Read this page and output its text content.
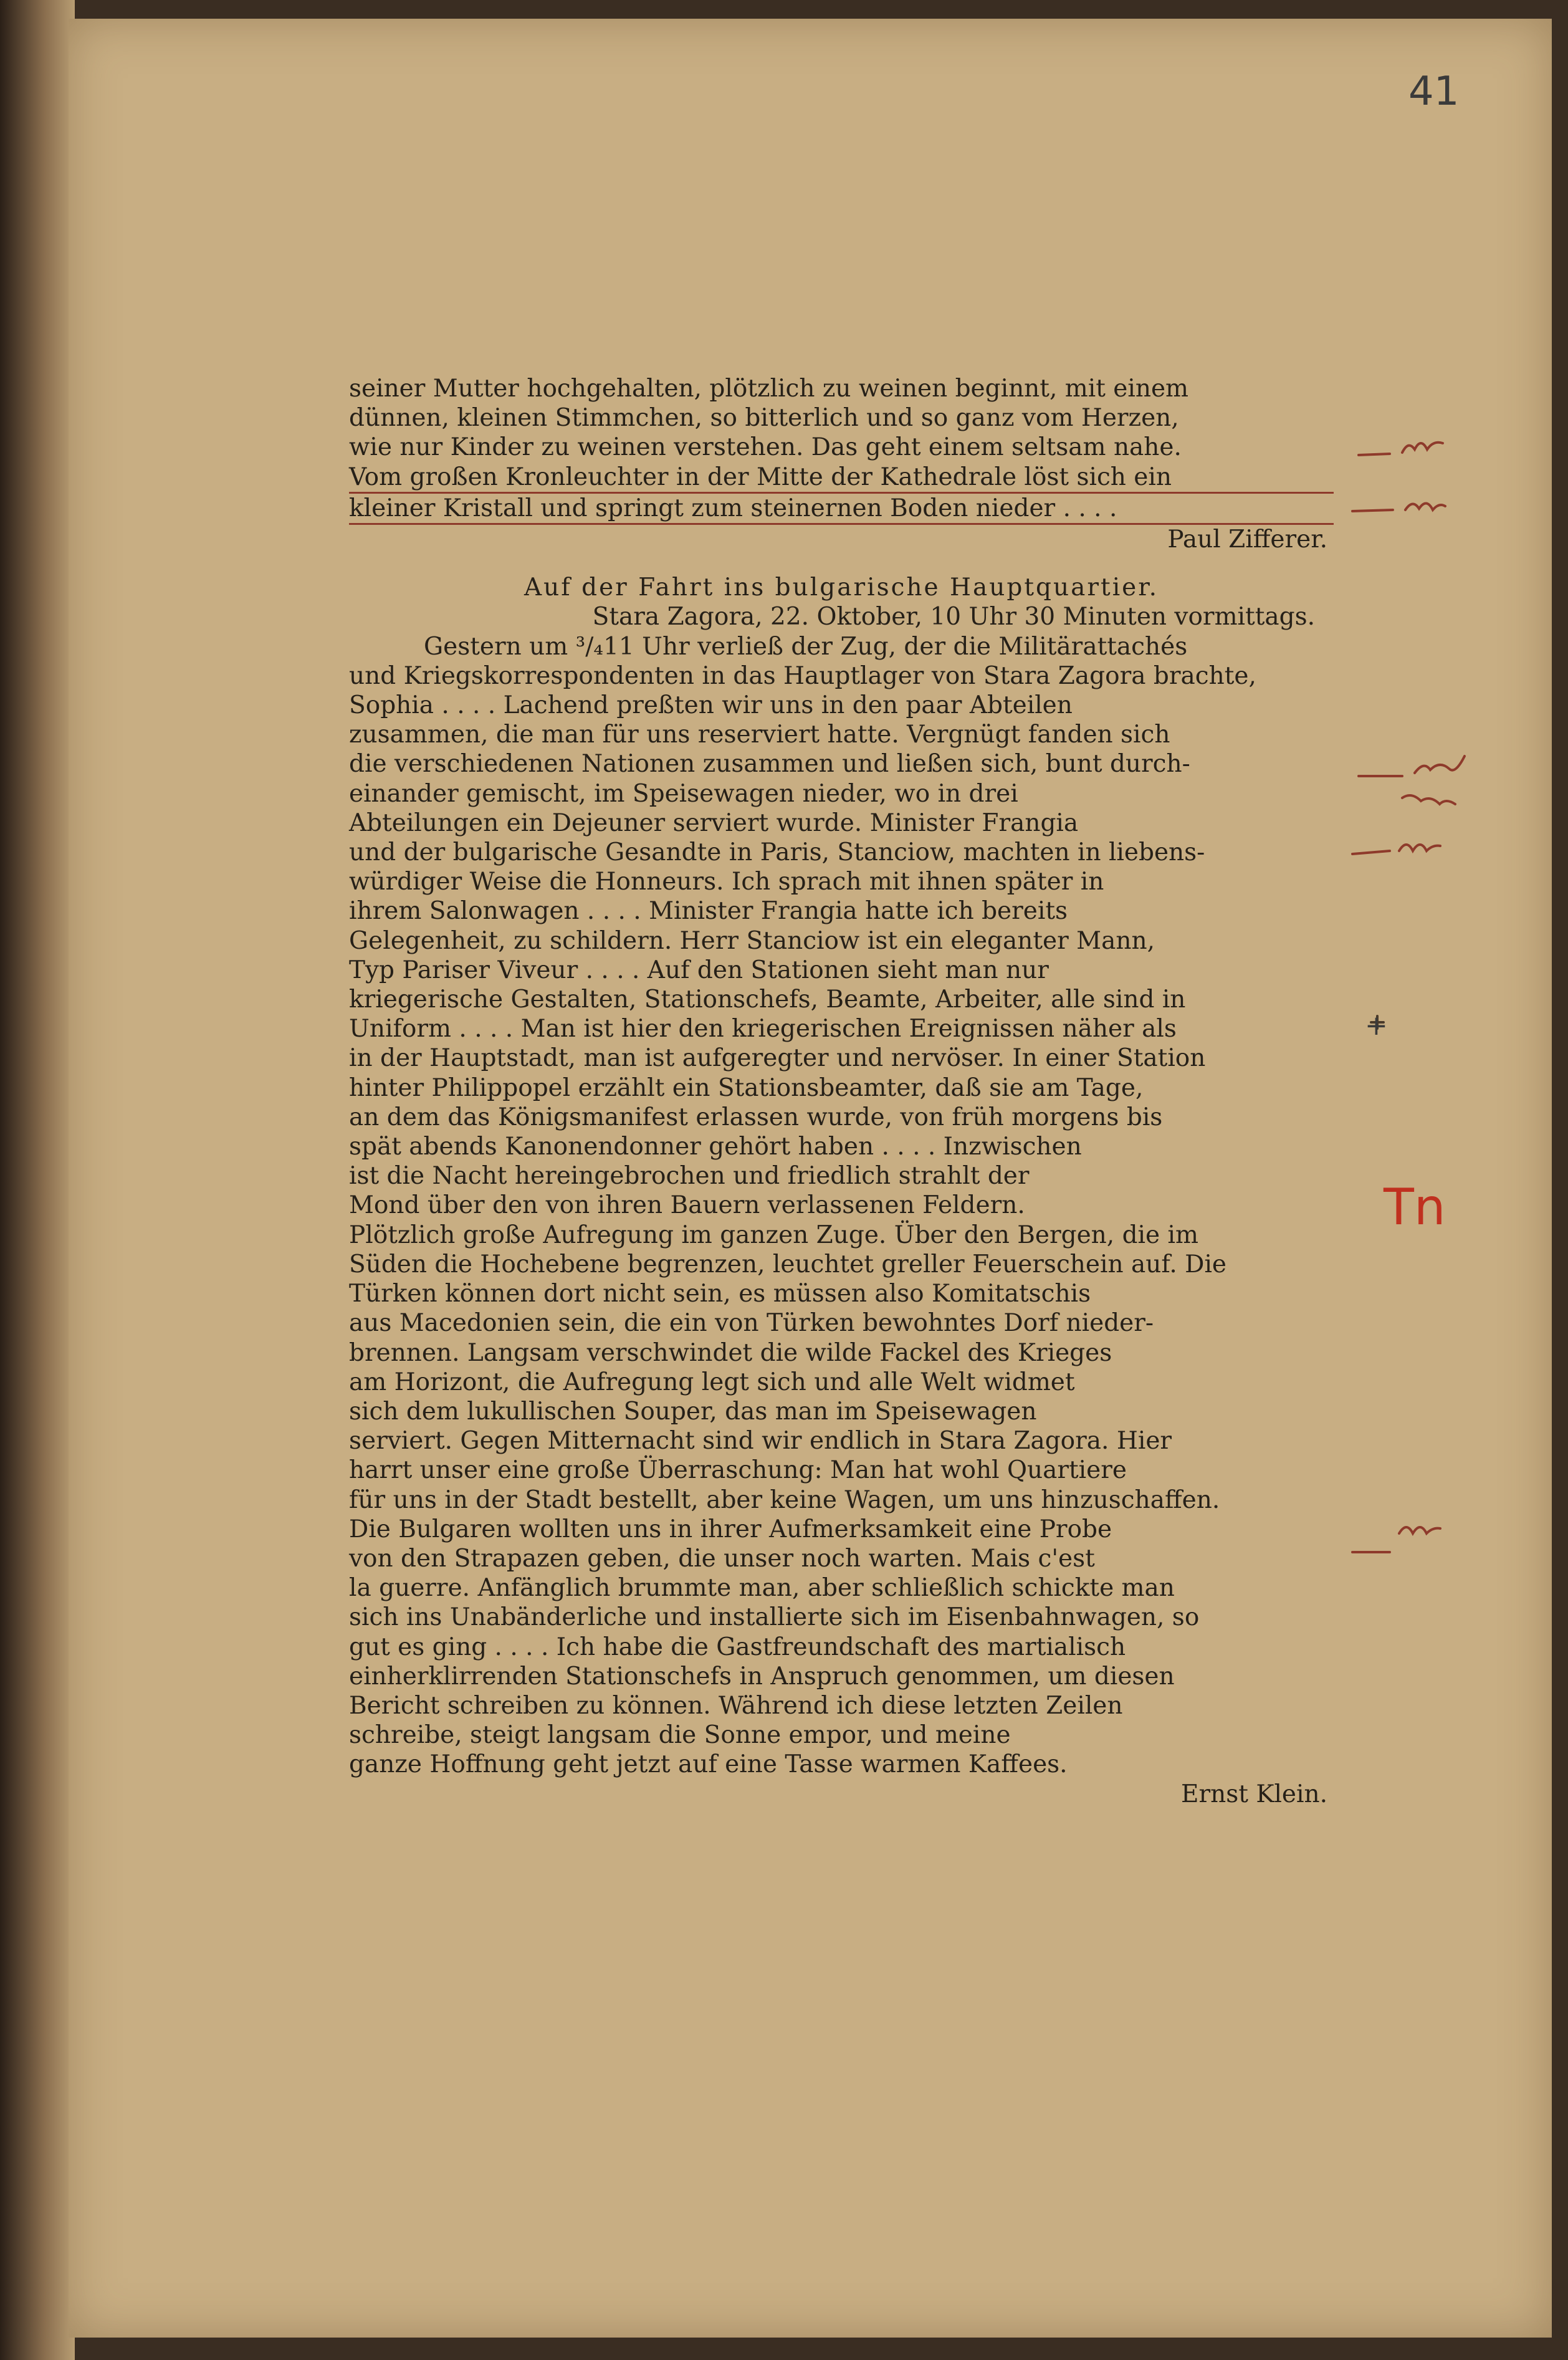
41

seiner Mutter hochgehalten, plötzlich zu weinen beginnt, mit einem

dünnen, kleinen Stimmchen, so bitterlich und so ganz vom Herzen,

wie nur Kinder zu weinen verstehen. Das geht einem seltsam nahe.

Vom großen Kronleuchter in der Mitte der Kathedrale löst sich ein

kleiner Kristall und springt zum steinernen Boden nieder . . . .

Paul Zifferer.

Auf der Fahrt ins bulgarische Hauptquartier.

Stara Zagora, 22. Oktober, 10 Uhr 30 Minuten vormittags.

Gestern um ³/₄11 Uhr verließ der Zug, der die Militärattachés

und Kriegskorrespondenten in das Hauptlager von Stara Zagora brachte,

Sophia . . . . Lachend preßten wir uns in den paar Abteilen

zusammen, die man für uns reserviert hatte. Vergnügt fanden sich

die verschiedenen Nationen zusammen und ließen sich, bunt durch-

einander gemischt, im Speisewagen nieder, wo in drei

Abteilungen ein Dejeuner serviert wurde. Minister Frangia

und der bulgarische Gesandte in Paris, Stanciow, machten in liebens-

würdiger Weise die Honneurs. Ich sprach mit ihnen später in

ihrem Salonwagen . . . . Minister Frangia hatte ich bereits

Gelegenheit, zu schildern. Herr Stanciow ist ein eleganter Mann,

Typ Pariser Viveur . . . . Auf den Stationen sieht man nur

kriegerische Gestalten, Stationschefs, Beamte, Arbeiter, alle sind in

Uniform . . . . Man ist hier den kriegerischen Ereignissen näher als

in der Hauptstadt, man ist aufgeregter und nervöser. In einer Station

hinter Philippopel erzählt ein Stationsbeamter, daß sie am Tage,

an dem das Königsmanifest erlassen wurde, von früh morgens bis

spät abends Kanonendonner gehört haben . . . . Inzwischen

ist die Nacht hereingebrochen und friedlich strahlt der

Mond über den von ihren Bauern verlassenen Feldern.

Plötzlich große Aufregung im ganzen Zuge. Über den Bergen, die im

Süden die Hochebene begrenzen, leuchtet greller Feuerschein auf. Die

Türken können dort nicht sein, es müssen also Komitatschis

aus Macedonien sein, die ein von Türken bewohntes Dorf nieder-

brennen. Langsam verschwindet die wilde Fackel des Krieges

am Horizont, die Aufregung legt sich und alle Welt widmet

sich dem lukullischen Souper, das man im Speisewagen

serviert. Gegen Mitternacht sind wir endlich in Stara Zagora. Hier

harrt unser eine große Überraschung: Man hat wohl Quartiere

für uns in der Stadt bestellt, aber keine Wagen, um uns hinzuschaffen.

Die Bulgaren wollten uns in ihrer Aufmerksamkeit eine Probe

von den Strapazen geben, die unser noch warten. Mais c'est

la guerre. Anfänglich brummte man, aber schließlich schickte man

sich ins Unabänderliche und installierte sich im Eisenbahnwagen, so

gut es ging . . . . Ich habe die Gastfreundschaft des martialisch

einherklirrenden Stationschefs in Anspruch genommen, um diesen

Bericht schreiben zu können. Während ich diese letzten Zeilen

schreibe, steigt langsam die Sonne empor, und meine

ganze Hoffnung geht jetzt auf eine Tasse warmen Kaffees.

Ernst Klein.

Tn
+
